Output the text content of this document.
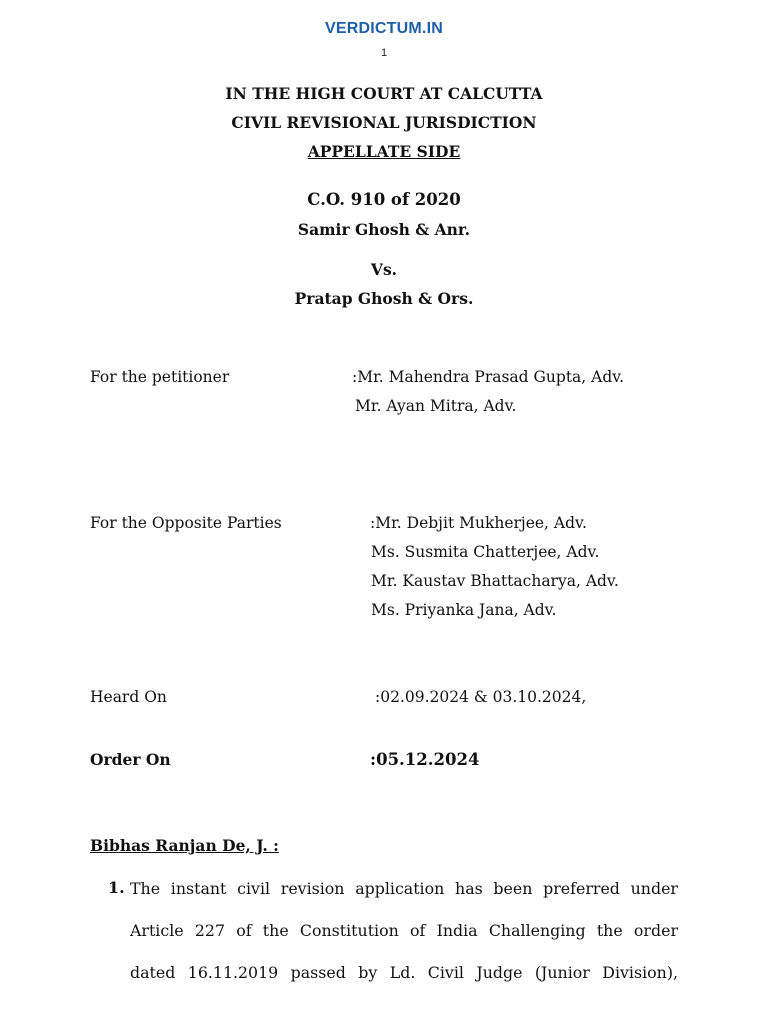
VERDICTUM.IN
1
IN THE HIGH COURT AT CALCUTTA
CIVIL REVISIONAL JURISDICTION
APPELLATE SIDE
C.O. 910 of 2020
Samir Ghosh & Anr.
Vs.
Pratap Ghosh & Ors.
For the petitioner	:Mr. Mahendra Prasad Gupta, Adv.
Mr. Ayan Mitra, Adv.
For the Opposite Parties	:Mr. Debjit Mukherjee, Adv.
Ms. Susmita Chatterjee, Adv.
Mr. Kaustav Bhattacharya, Adv.
Ms. Priyanka Jana, Adv.
Heard On	:02.09.2024 & 03.10.2024,
Order On	:05.12.2024
Bibhas Ranjan De, J. :
1. The instant civil revision application has been preferred under
Article 227 of the Constitution of India Challenging the order
dated 16.11.2019 passed by Ld. Civil Judge (Junior Division),
